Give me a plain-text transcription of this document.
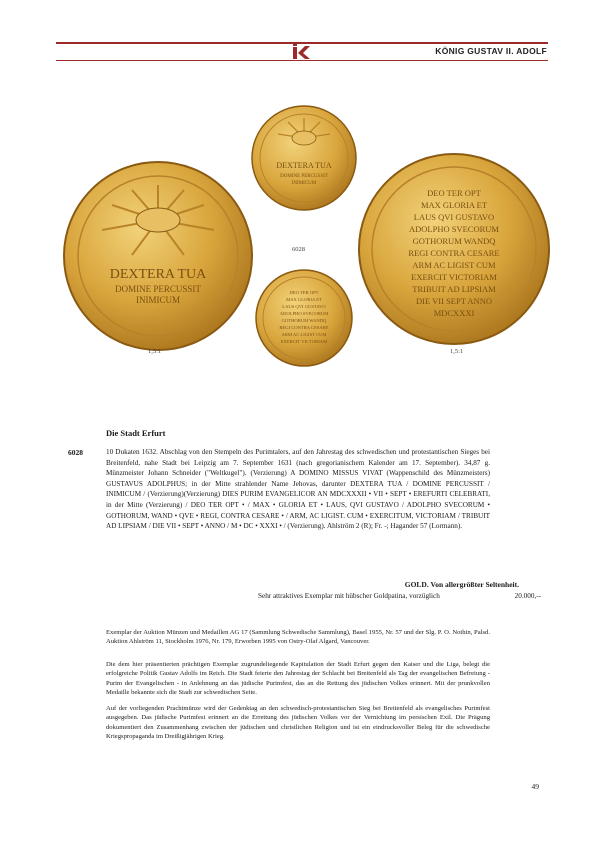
KÖNIG GUSTAV II. ADOLF
DEXTERA TUA
DOMINE PERCUSSIT
INIMICUM
DEXTERA TUA
DOMINE PERCUSSIT
INIMICUM
DEO TER OPT
MAX GLORIA ET
LAUS QVI GUSTAVO
ADOLPHO SVECORUM
GOTHORUM WANDQ
REGI CONTRA CESARE
ARM AC LIGIST CUM
EXERCIT VICTORIAM
DEO TER OPT
MAX GLORIA ET
LAUS QVI GUSTAVO
ADOLPHO SVECORUM
GOTHORUM WANDQ
REGI CONTRA CESARE
ARM AC LIGIST CUM
EXERCIT VICTORIAM
TRIBUIT AD LIPSIAM
DIE VII SEPT ANNO
MDCXXXI
6028
1,5:1	1,5:1
Die Stadt Erfurt
6028	10 Dukaten 1632. Abschlag von den Stempeln des Purimtalers, auf den Jahrestag des schwedischen und protestantischen Sieges bei Breitenfeld, nahe Stadt bei Leipzig am 7. September 1631 (nach gregorianischem Kalender am 17. September). 34,87 g. Münzmeister Johann Schneider ("Weltkugel"). (Verzierung) A DOMINO MISSUS VIVAT (Wappenschild des Münzmeisters) GUSTAVUS ADOLPHUS; in der Mitte strahlender Name Jehovas, darunter DEXTERA TUA / DOMINE PERCUSSIT / INIMICUM / (Verzierung)(Verzierung) DIES PURIM EVANGELICOR AN MDCXXXII • VII • SEPT • EREFURTI CELEBRATI, in der Mitte (Verzierung) / DEO TER OPT • / MAX • GLORIA ET • LAUS, QVI GUSTAVO / ADOLPHO SVECORUM • GOTHORUM, WAND • QVE • REGI, CONTRA CESARE • / ARM, AC LIGIST. CUM • EXERCITUM, VICTORIAM / TRIBUIT AD LIPSIAM / DIE VII • SEPT • ANNO / M • DC • XXXI • / (Verzierung). Ahlström 2 (R); Fr. -; Hagander 57 (Lormann).

GOLD. Von allergrößter Seltenheit.
Sehr attraktives Exemplar mit hübscher Goldpatina, vorzüglich	20.000,--

Exemplar der Auktion Münzen und Medaillen AG 17 (Sammlung Schwedische Sammlung), Basel 1955, Nr. 57 und der Slg. P. O. Nothin, Palsd. Auktion Ahlström 11, Stockholm 1976, Nr. 179, Erworben 1995 von Ostry-Olaf Algard, Vancouver.

Die dem hier präsentierten prächtigen Exemplar zugrundeliegende Kapitulation der Stadt Erfurt gegen den Kaiser und die Liga, belegt die erfolgreiche Politik Gustav Adolfs im Reich. Die Stadt feierte den Jahrestag der Schlacht bei Breitenfeld als Tag der evangelischen Befreiung - Purim der Evangelischen - in Anlehnung an das jüdische Purimfest, das an die Rettung des jüdischen Volkes erinnert. Mit der prunkvollen Medaille bekannte sich die Stadt zur schwedischen Seite.

Auf der vorliegenden Prachtmünze wird der Gedenktag an den schwedisch-protestantischen Sieg bei Breitenfeld als evangelisches Purimfest ausgegeben. Das jüdische Purimfest erinnert an die Errettung des jüdischen Volkes vor der Vernichtung im persischen Exil. Die Prägung dokumentiert den Zusammenhang zwischen der jüdischen und christlichen Religion und ist ein eindrucksvoller Beleg für die schwedische Kriegspropaganda im Dreißigjährigen Krieg.

49
